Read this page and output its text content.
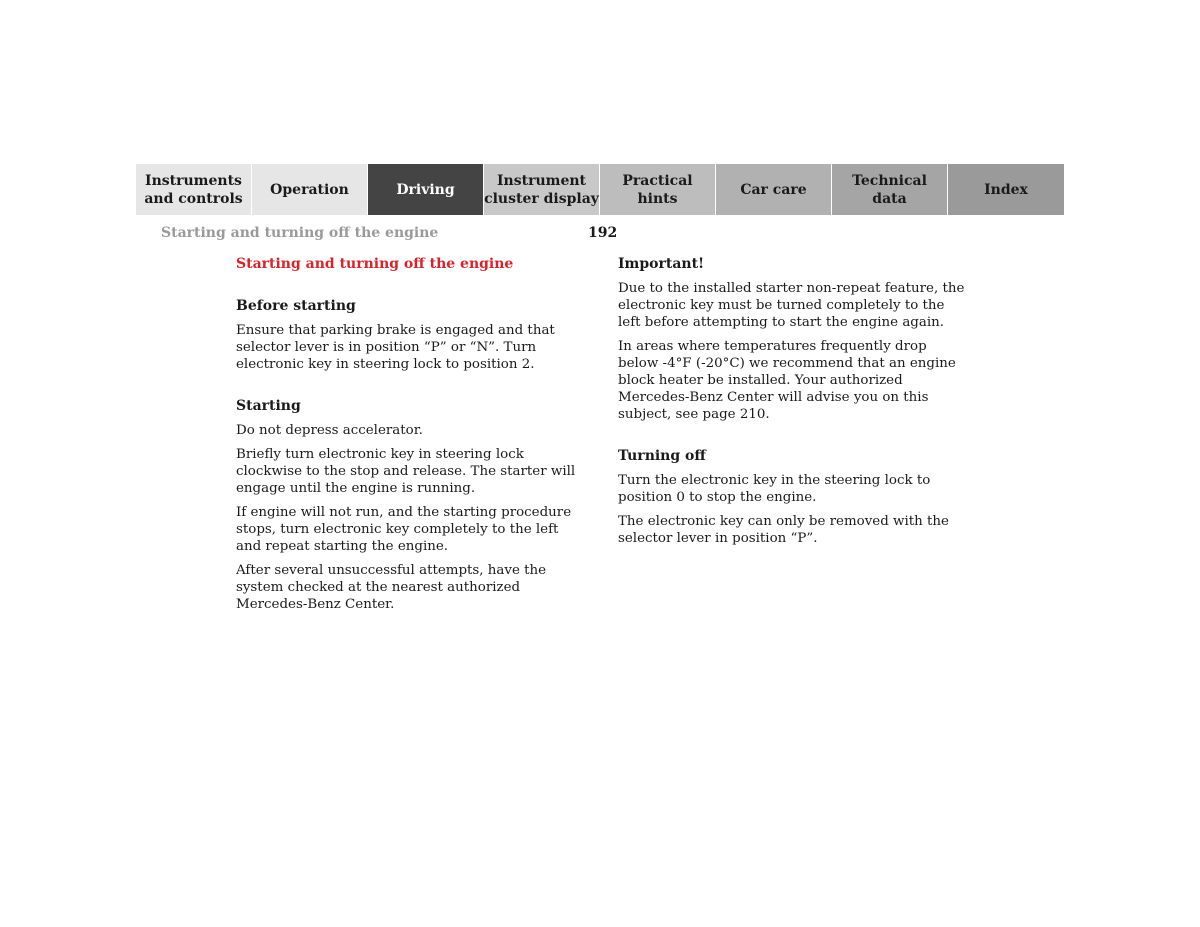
Instruments
and controls
Operation	Driving
Instrument
cluster display
Practical hints
Car care
Technical
data
Index
Starting and turning off the engine	192
Starting and turning off the engine
Before starting

Ensure that parking brake is engaged and that selector lever is in position “P” or “N”. Turn electronic key in steering lock to position 2.

Starting

Do not depress accelerator.

Briefly turn electronic key in steering lock clockwise to the stop and release. The starter will engage until the engine is running.

If engine will not run, and the starting procedure stops, turn electronic key completely to the left and repeat starting the engine.

After several unsuccessful attempts, have the system checked at the nearest authorized Mercedes-Benz Center.

Important!

Due to the installed starter non-repeat feature, the electronic key must be turned completely to the left before attempting to start the engine again.

In areas where temperatures frequently drop below -4°F (-20°C) we recommend that an engine block heater be installed. Your authorized Mercedes-Benz Center will advise you on this subject, see page 210.

Turning off

Turn the electronic key in the steering lock to position 0 to stop the engine.

The electronic key can only be removed with the selector lever in position “P”.
